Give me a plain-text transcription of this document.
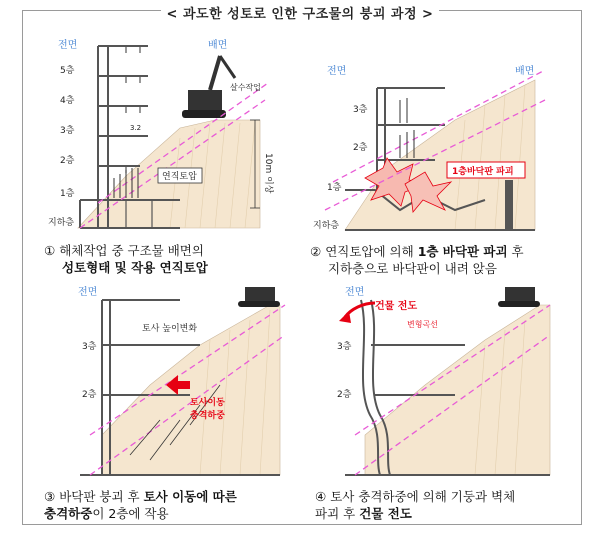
< 과도한 성토로 인한 구조물의 붕괴 과정 >
10m 이상
전면	배면
5층
4층
3층
2층
1층
지하층
살수작업
3.2
연직토압
① 해체작업 중 구조물 배면의
성토형태 및 작용 연직토압
전면	배면
3층
2층
1층
지하층
1층바닥판 파괴
② 연직토압에 의해 1층 바닥판 파괴 후
지하층으로 바닥판이 내려 앉음
전면
3층
2층
토사 높이변화
토사이동
충격하중
③ 바닥판 붕괴 후 토사 이동에 따른
충격하중이 2층에 작용
전면
건물 전도
변형곡선
3층
2층
④ 토사 충격하중에 의해 기둥과 벽체
파괴 후 건물 전도
